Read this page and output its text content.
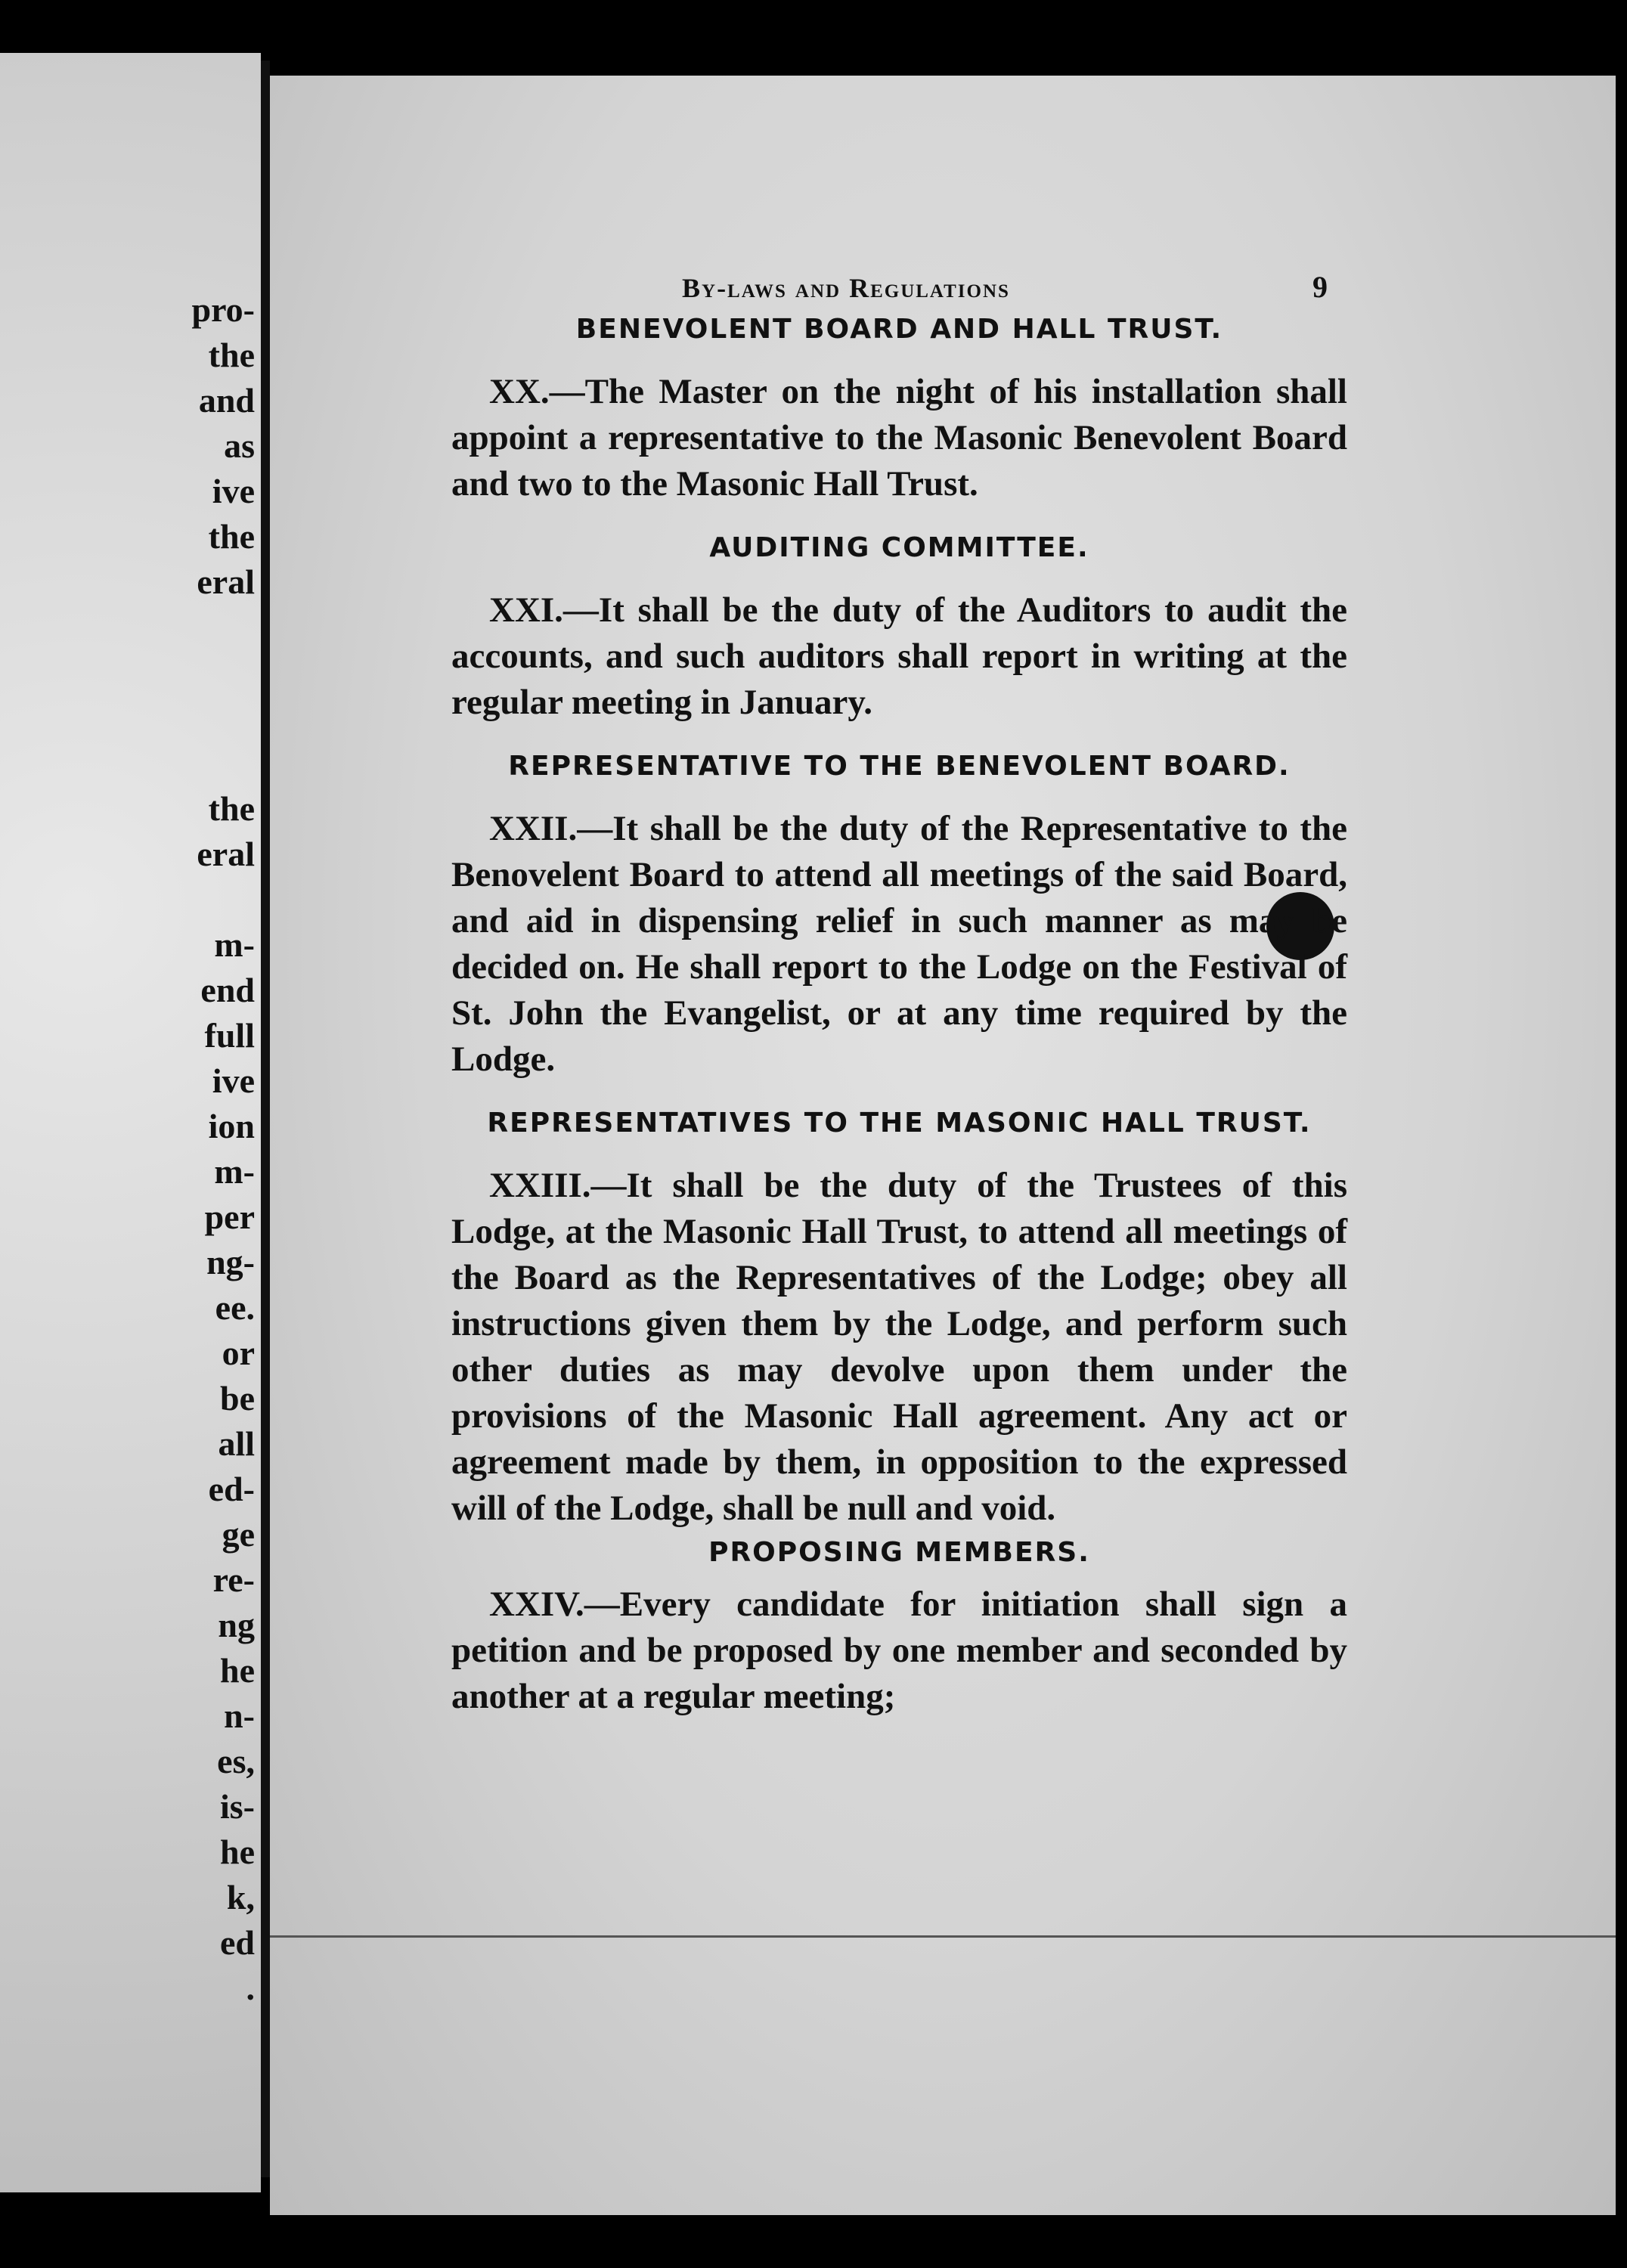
pro-
the
and
as
ive
the
eral
the
eral
m-
end
full
ive
ion
m-
per
ng-
ee.
or
be
all
ed-
ge
re-
ng
he
n-
es,
is-
he
k,
ed
.
By-laws and Regulations	9
BENEVOLENT BOARD AND HALL TRUST.

XX.—The Master on the night of his installation shall appoint a representative to the Masonic Benevolent Board and two to the Masonic Hall Trust.

AUDITING COMMITTEE.

XXI.—It shall be the duty of the Auditors to audit the accounts, and such auditors shall report in writing at the regular meeting in January.

REPRESENTATIVE TO THE BENEVOLENT BOARD.

XXII.—It shall be the duty of the Representative to the Benovelent Board to attend all meetings of the said Board, and aid in dispensing relief in such manner as may be decided on. He shall report to the Lodge on the Festival of St. John the Evangelist, or at any time required by the Lodge.

REPRESENTATIVES TO THE MASONIC HALL TRUST.

XXIII.—It shall be the duty of the Trustees of this Lodge, at the Masonic Hall Trust, to attend all meetings of the Board as the Representatives of the Lodge; obey all instructions given them by the Lodge, and perform such other duties as may devolve upon them under the provisions of the Masonic Hall agreement. Any act or agreement made by them, in opposition to the expressed will of the Lodge, shall be null and void.

PROPOSING MEMBERS.

XXIV.—Every candidate for initiation shall sign a petition and be proposed by one member and seconded by another at a regular meeting;
